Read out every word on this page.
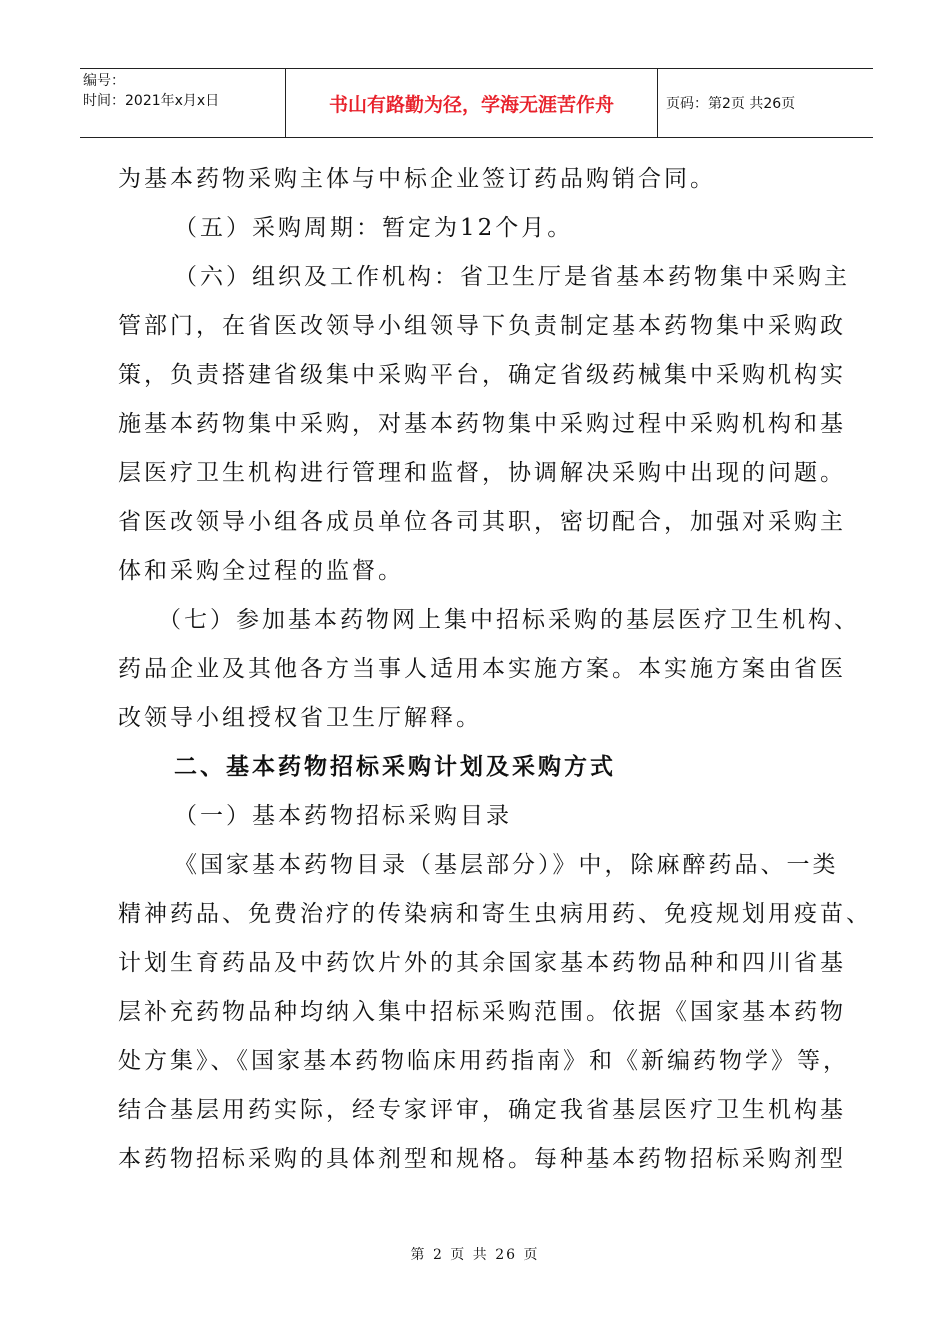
编号：
时间：2021年x月x日	书山有路勤为径，学海无涯苦作舟	页码：第2页 共26页

为基本药物采购主体与中标企业签订药品购销合同。

（五）采购周期：暂定为12个月。

（六）组织及工作机构：省卫生厅是省基本药物集中采购主
管部门，在省医改领导小组领导下负责制定基本药物集中采购政
策，负责搭建省级集中采购平台，确定省级药械集中采购机构实
施基本药物集中采购，对基本药物集中采购过程中采购机构和基
层医疗卫生机构进行管理和监督，协调解决采购中出现的问题。
省医改领导小组各成员单位各司其职，密切配合，加强对采购主
体和采购全过程的监督。

（七）参加基本药物网上集中招标采购的基层医疗卫生机构、
药品企业及其他各方当事人适用本实施方案。本实施方案由省医
改领导小组授权省卫生厅解释。

二、基本药物招标采购计划及采购方式

（一）基本药物招标采购目录

《国家基本药物目录（基层部分）》中，除麻醉药品、一类
精神药品、免费治疗的传染病和寄生虫病用药、免疫规划用疫苗、
计划生育药品及中药饮片外的其余国家基本药物品种和四川省基
层补充药物品种均纳入集中招标采购范围。依据《国家基本药物
处方集》、《国家基本药物临床用药指南》和《新编药物学》等，
结合基层用药实际，经专家评审，确定我省基层医疗卫生机构基
本药物招标采购的具体剂型和规格。每种基本药物招标采购剂型

第 2 页 共 26 页
